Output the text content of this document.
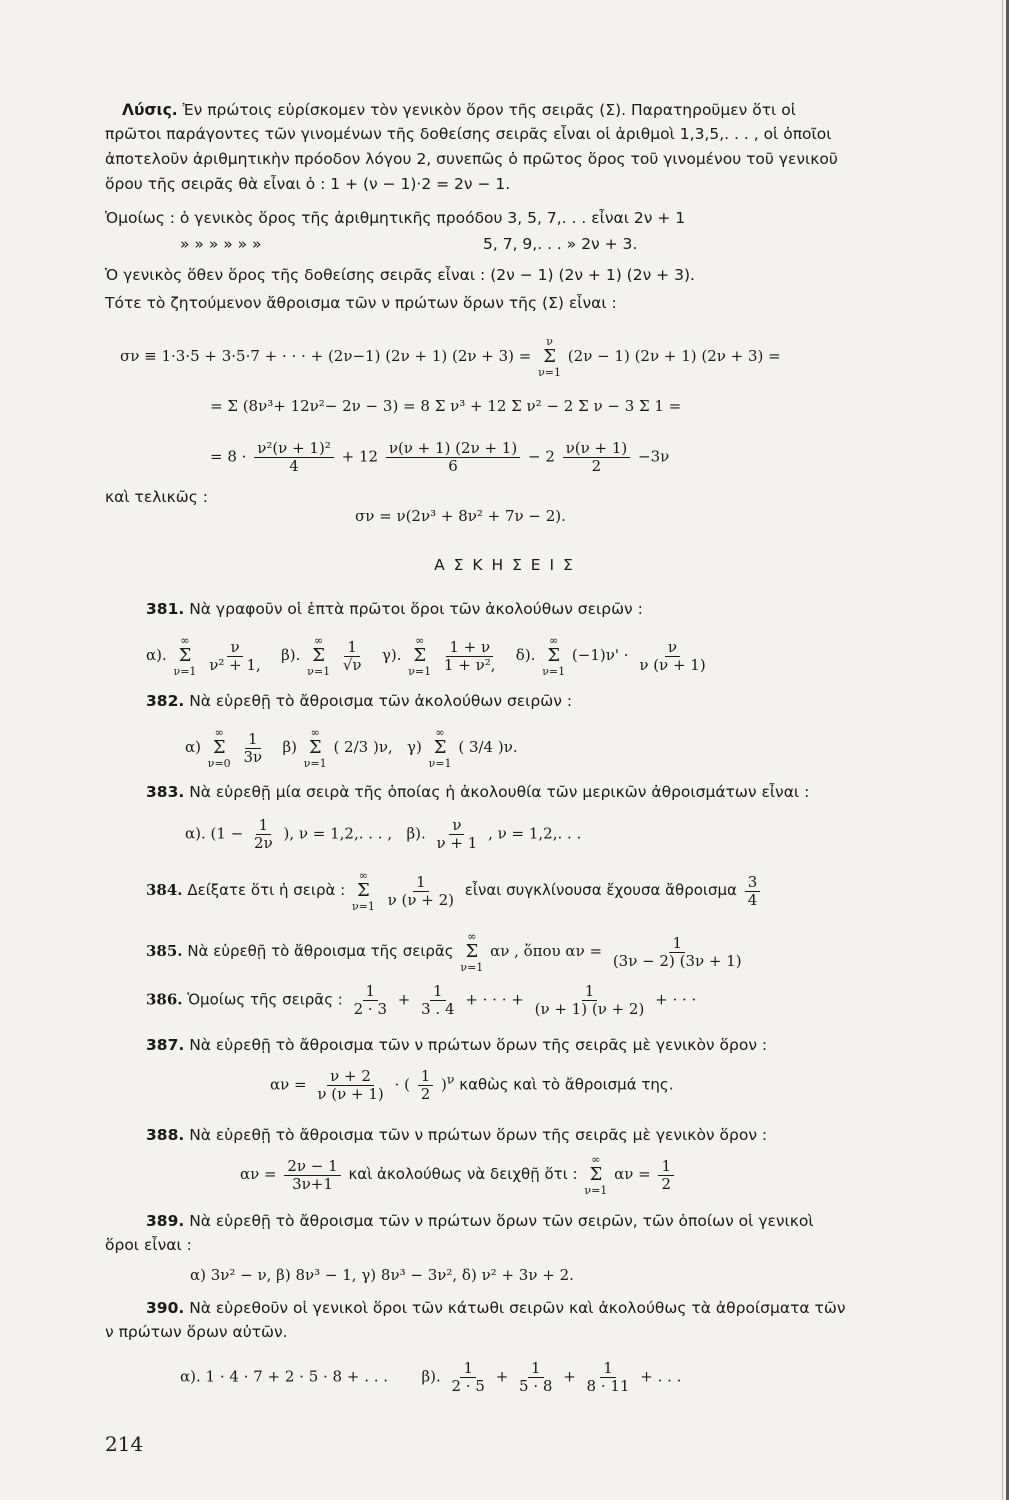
Λύσις. Ἐν πρώτοις εὑρίσκομεν τὸν γενικὸν ὅρον τῆς σειρᾶς (Σ). Παρατηροῦμεν ὅτι οἱ
πρῶτοι παράγοντες τῶν γινομένων τῆς δοθείσης σειρᾶς εἶναι οἱ ἀριθμοὶ 1,3,5,. . . , οἱ ὁποῖοι
ἀποτελοῦν ἀριθμητικὴν πρόοδον λόγου 2, συνεπῶς ὁ πρῶτος ὅρος τοῦ γινομένου τοῦ γενικοῦ
ὅρου τῆς σειρᾶς θὰ εἶναι ὁ : 1 + (ν − 1)·2 = 2ν − 1.
Ὁμοίως : ὁ γενικὸς ὅρος τῆς ἀριθμητικῆς προόδου 3, 5, 7,. . . εἶναι 2ν + 1
» » » » » »	5, 7, 9,. . . » 2ν + 3.
Ὁ γενικὸς ὅθεν ὅρος τῆς δοθείσης σειρᾶς εἶναι : (2ν − 1) (2ν + 1) (2ν + 3).
Τότε τὸ ζητούμενον ἄθροισμα τῶν ν πρώτων ὅρων τῆς (Σ) εἶναι :
σν ≡ 1·3·5 + 3·5·7 + · · · + (2ν−1) (2ν + 1) (2ν + 3) =
ν
Σ
ν=1
(2ν − 1) (2ν + 1) (2ν + 3) =
= Σ (8ν³+ 12ν²− 2ν − 3) = 8 Σ ν³ + 12 Σ ν² − 2 Σ ν − 3 Σ 1 =
= $8 \cdot \frac{\text{ν²(ν + 1)²}}{4} + 12 \frac{\nu(\nu + 1) (2\nu + 1)}{6} - 2 \frac{\nu(\nu + 1)}{2} -3\nu$
καὶ τελικῶς :
σν = ν(2ν³ + 8ν² + 7ν − 2).
Α Σ Κ Η Σ Ε Ι Σ
381. Νὰ γραφοῦν οἱ ἑπτὰ πρῶτοι ὅροι τῶν ἀκολούθων σειρῶν :
α).
∞
Σ
ν=1
$\frac{\nu}{\text{ν² + 1,}} \beta$).
∞
Σ
ν=1
$\frac{1}{√\nu} \gamma$).
∞
Σ
ν=1
$\frac{1 + \nu}{\text{1 + ν²,}} \delta$).
∞
Σ
ν=1
$(-1)\nu' \cdot \frac{\nu}{\nu (\nu + 1)}$
382. Νὰ εὑρεθῇ τὸ ἄθροισμα τῶν ἀκολούθων σειρῶν :
α)
∞
Σ
ν=0
$\frac{1}{3\nu} \beta$)
∞
Σ
ν=1
( 2/3 )ν, γ)
∞
Σ
ν=1
( 3/4 )ν.
383. Νὰ εὑρεθῇ μία σειρὰ τῆς ὁποίας ἡ ἀκολουθία τῶν μερικῶν ἀθροισμάτων εἶναι :
α). ($1 - \frac{1}{2\nu}$ ), ν = 1,2,. . . , β). $\frac{\nu}{\nu + 1}$ , ν = 1,2,. . .
384. Δείξατε ὅτι ἡ σειρὰ :
∞
Σ
ν=1
$\frac{1}{\nu (\nu + 2)}$ εἶναι συγκλίνουσα ἔχουσα ἄθροισμα $\frac{3}{4}$
385. Νὰ εὑρεθῇ τὸ ἄθροισμα τῆς σειρᾶς
∞
Σ
ν=1
αν , ὅπου $\alpha\nu = \frac{1}{(3\nu - 2) (3\nu + 1)}$
386. Ὁμοίως τῆς σειρᾶς : $\frac{1}{2 \cdot 3} + \frac{1}{3 . 4}$ + · · · + $\frac{1}{(\nu + 1) (\nu + 2)}$ + · · ·
387. Νὰ εὑρεθῇ τὸ ἄθροισμα τῶν ν πρώτων ὅρων τῆς σειρᾶς μὲ γενικὸν ὅρον :
$\alpha\nu = \frac{\nu + 2}{\nu (\nu + 1)}$ · ( $\frac{1}{2} )^\nu$ καθὼς καὶ τὸ ἄθροισμά της.
388. Νὰ εὑρεθῇ τὸ ἄθροισμα τῶν ν πρώτων ὅρων τῆς σειρᾶς μὲ γενικὸν ὅρον :
$\alpha\nu = \frac{2\nu - 1}{3\nu+1}$ καὶ ἀκολούθως νὰ δειχθῇ ὅτι :
∞
Σ
ν=1
$\alpha\nu = \frac{1}{2}$
389. Νὰ εὑρεθῇ τὸ ἄθροισμα τῶν ν πρώτων ὅρων τῶν σειρῶν, τῶν ὁποίων οἱ γενικοὶ
ὅροι εἶναι :
α) 3ν² − ν, β) 8ν³ − 1, γ) 8ν³ − 3ν², δ) ν² + 3ν + 2.
390. Νὰ εὑρεθοῦν οἱ γενικοὶ ὅροι τῶν κάτωθι σειρῶν καὶ ἀκολούθως τὰ ἀθροίσματα τῶν
ν πρώτων ὅρων αὐτῶν.
α). 1 · 4 · 7 + 2 · 5 · 8 + . . . β). $\frac{1}{2 \cdot 5} + \frac{1}{5 \cdot 8} + \frac{1}{8 \cdot 11}$ + . . .
214
